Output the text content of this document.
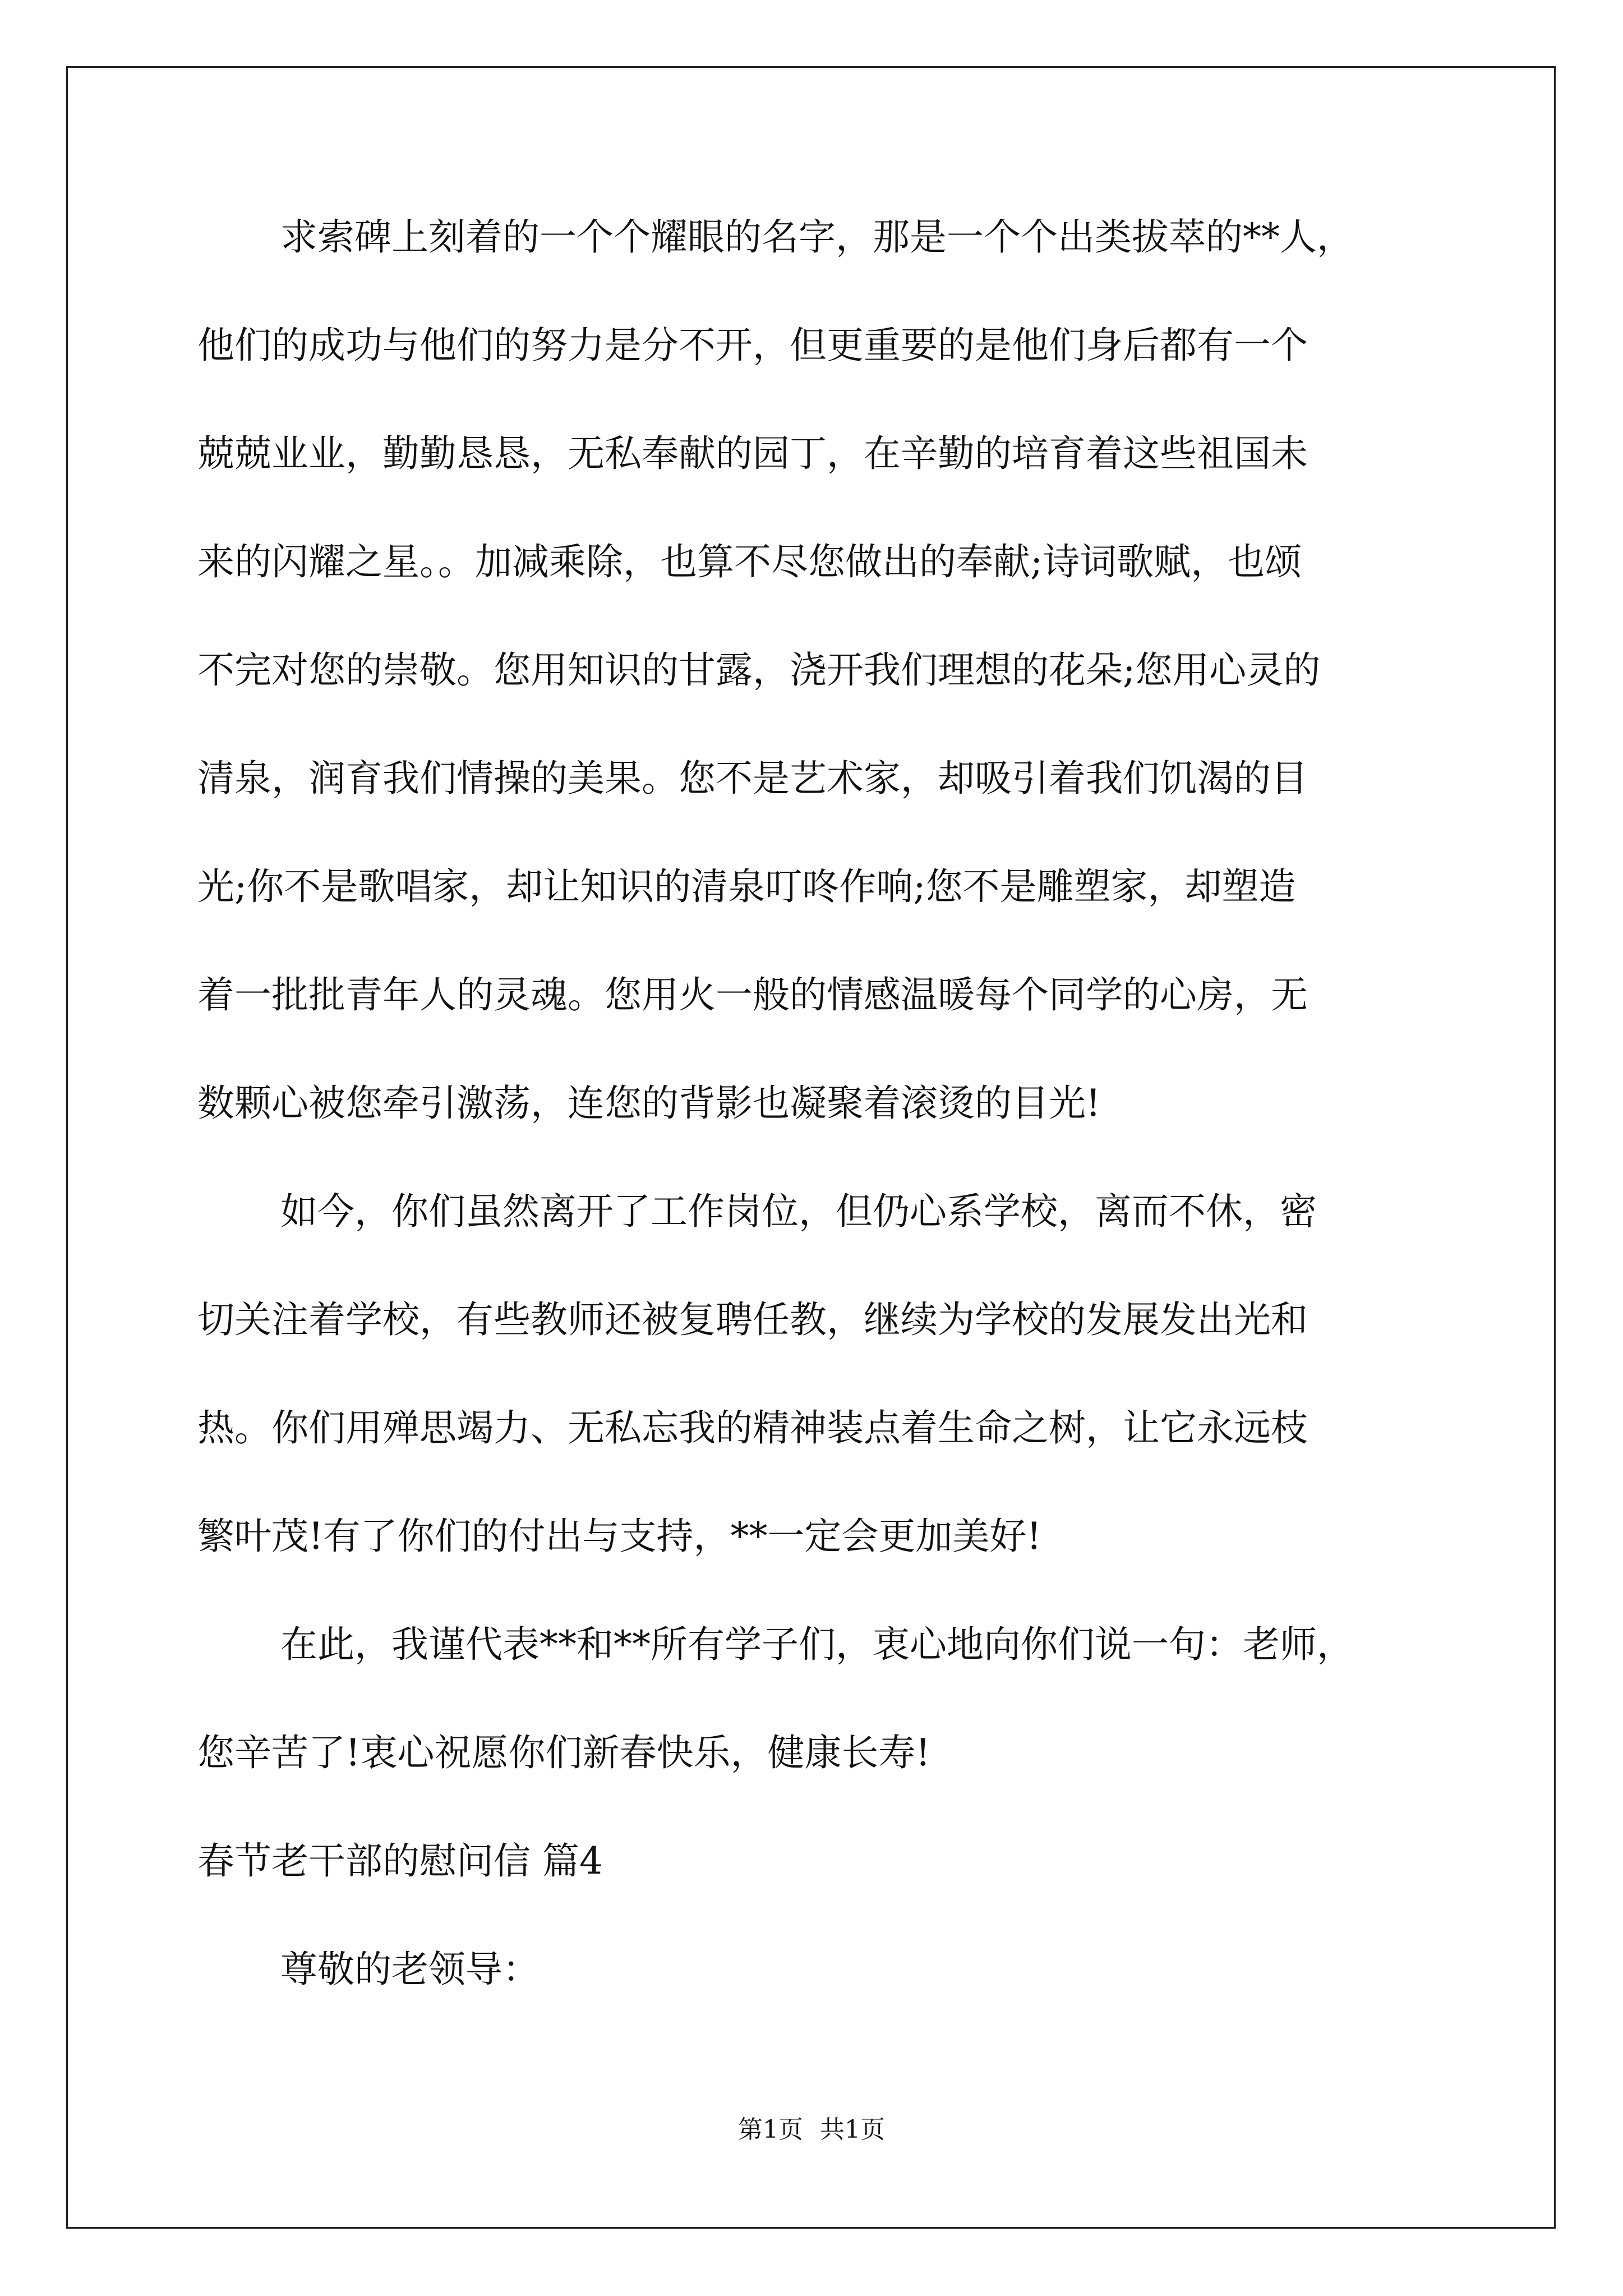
求索碑上刻着的一个个耀眼的名字，那是一个个出类拔萃的**人，
他们的成功与他们的努力是分不开，但更重要的是他们身后都有一个
兢兢业业，勤勤恳恳，无私奉献的园丁，在辛勤的培育着这些祖国未
来的闪耀之星。。加减乘除，也算不尽您做出的奉献;诗词歌赋，也颂
不完对您的崇敬。您用知识的甘露，浇开我们理想的花朵;您用心灵的
清泉，润育我们情操的美果。您不是艺术家，却吸引着我们饥渴的目
光;你不是歌唱家，却让知识的清泉叮咚作响;您不是雕塑家，却塑造
着一批批青年人的灵魂。您用火一般的情感温暖每个同学的心房，无
数颗心被您牵引激荡，连您的背影也凝聚着滚烫的目光!
如今，你们虽然离开了工作岗位，但仍心系学校，离而不休，密
切关注着学校，有些教师还被复聘任教，继续为学校的发展发出光和
热。你们用殚思竭力、无私忘我的精神装点着生命之树，让它永远枝
繁叶茂!有了你们的付出与支持，**一定会更加美好!
在此，我谨代表**和**所有学子们，衷心地向你们说一句：老师，
您辛苦了!衷心祝愿你们新春快乐，健康长寿!
春节老干部的慰问信 篇4
尊敬的老领导：
第1页 共1页
